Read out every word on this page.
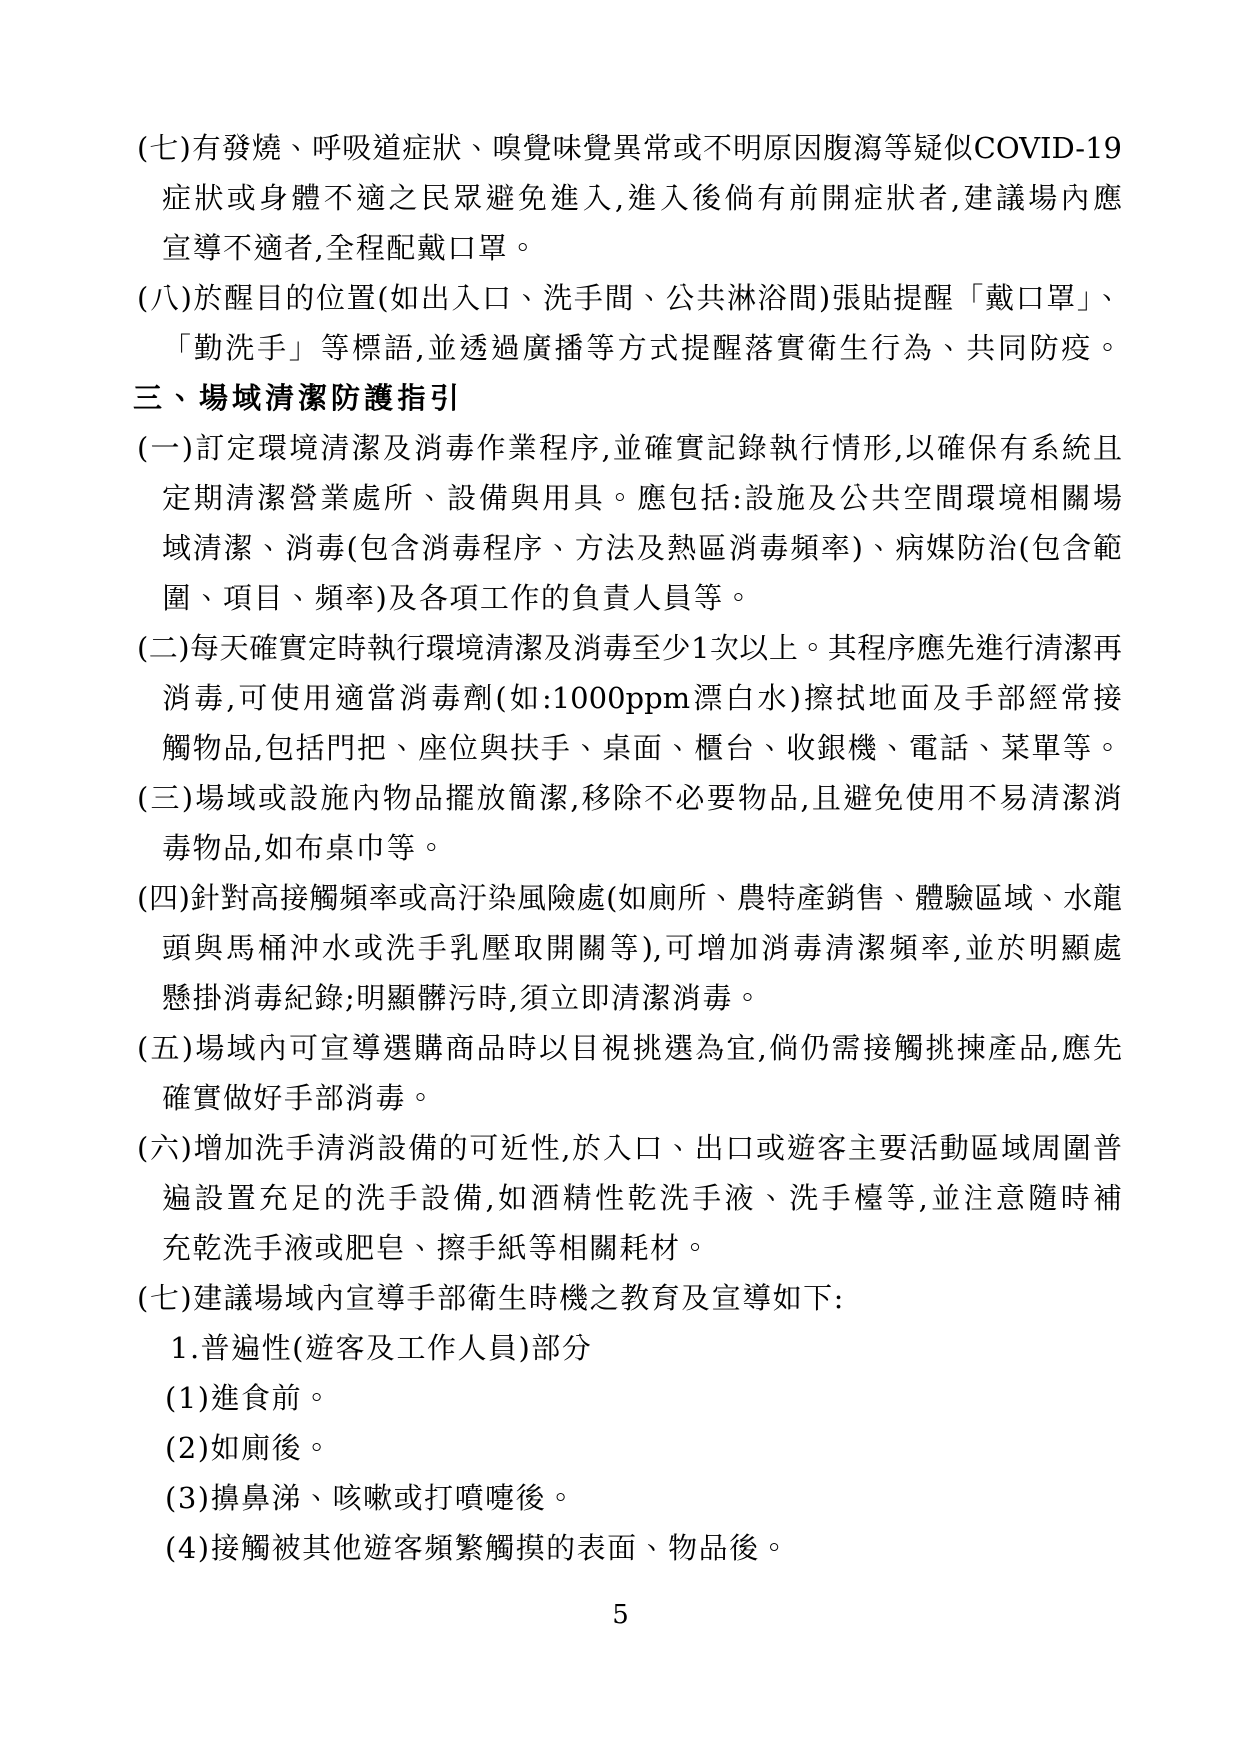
(七)有發燒、呼吸道症狀、嗅覺味覺異常或不明原因腹瀉等疑似COVID-19
症狀或身體不適之民眾避免進入,進入後倘有前開症狀者,建議場內應
宣導不適者,全程配戴口罩。
(八)於醒目的位置(如出入口、洗手間、公共淋浴間)張貼提醒「戴口罩」、
「勤洗手」等標語,並透過廣播等方式提醒落實衛生行為、共同防疫。
三、場域清潔防護指引
(一)訂定環境清潔及消毒作業程序,並確實記錄執行情形,以確保有系統且
定期清潔營業處所、設備與用具。應包括:設施及公共空間環境相關場
域清潔、消毒(包含消毒程序、方法及熱區消毒頻率)、病媒防治(包含範
圍、項目、頻率)及各項工作的負責人員等。
(二)每天確實定時執行環境清潔及消毒至少1次以上。其程序應先進行清潔再
消毒,可使用適當消毒劑(如:1000ppm漂白水)擦拭地面及手部經常接
觸物品,包括門把、座位與扶手、桌面、櫃台、收銀機、電話、菜單等。
(三)場域或設施內物品擺放簡潔,移除不必要物品,且避免使用不易清潔消
毒物品,如布桌巾等。
(四)針對高接觸頻率或高汙染風險處(如廁所、農特產銷售、體驗區域、水龍
頭與馬桶沖水或洗手乳壓取開關等),可增加消毒清潔頻率,並於明顯處
懸掛消毒紀錄;明顯髒污時,須立即清潔消毒。
(五)場域內可宣導選購商品時以目視挑選為宜,倘仍需接觸挑揀產品,應先
確實做好手部消毒。
(六)增加洗手清消設備的可近性,於入口、出口或遊客主要活動區域周圍普
遍設置充足的洗手設備,如酒精性乾洗手液、洗手檯等,並注意隨時補
充乾洗手液或肥皂、擦手紙等相關耗材。
(七)建議場域內宣導手部衛生時機之教育及宣導如下:
1.普遍性(遊客及工作人員)部分
(1)進食前。
(2)如廁後。
(3)擤鼻涕、咳嗽或打噴嚏後。
(4)接觸被其他遊客頻繁觸摸的表面、物品後。
5
